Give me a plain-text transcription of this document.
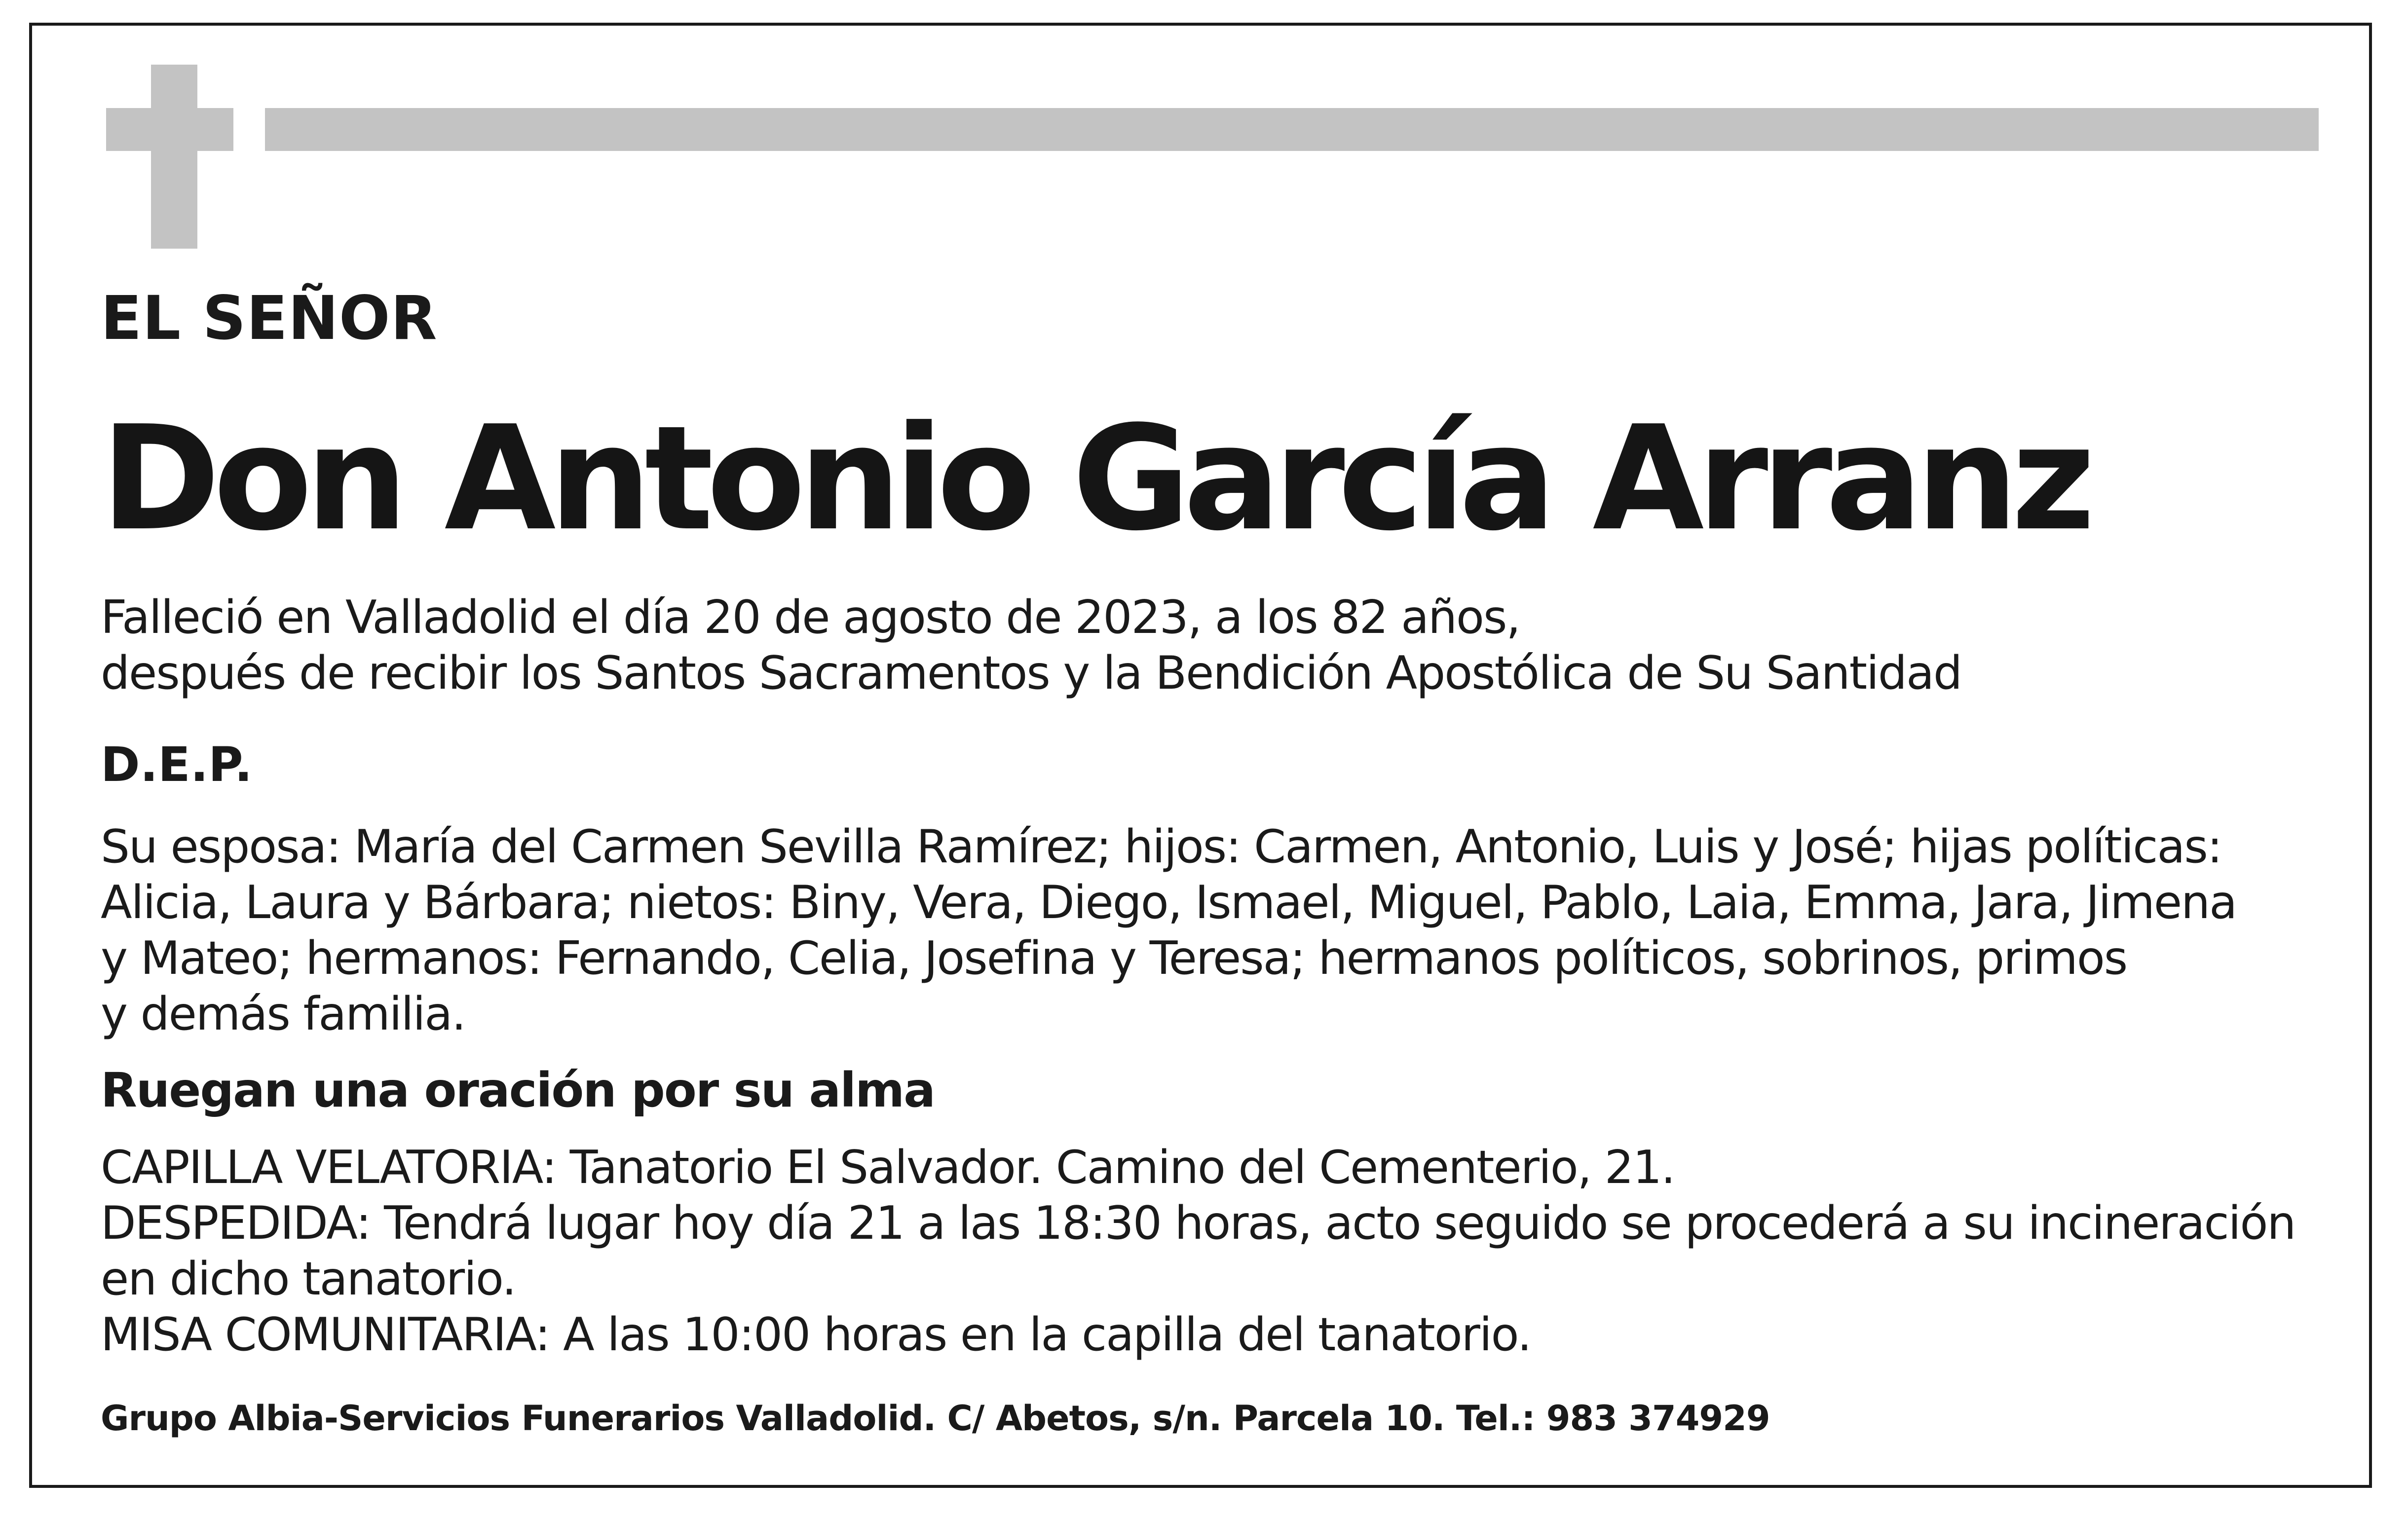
EL SEÑOR
Don Antonio García Arranz
Falleció en Valladolid el día 20 de agosto de 2023, a los 82 años,
después de recibir los Santos Sacramentos y la Bendición Apostólica de Su Santidad
D.E.P.
Su esposa: María del Carmen Sevilla Ramírez; hijos: Carmen, Antonio, Luis y José; hijas políticas:
Alicia, Laura y Bárbara; nietos: Biny, Vera, Diego, Ismael, Miguel, Pablo, Laia, Emma, Jara, Jimena
y Mateo; hermanos: Fernando, Celia, Josefina y Teresa; hermanos políticos, sobrinos, primos
y demás familia.
Ruegan una oración por su alma
CAPILLA VELATORIA: Tanatorio El Salvador. Camino del Cementerio, 21.
DESPEDIDA: Tendrá lugar hoy día 21 a las 18:30 horas, acto seguido se procederá a su incineración
en dicho tanatorio.
MISA COMUNITARIA: A las 10:00 horas en la capilla del tanatorio.
Grupo Albia-Servicios Funerarios Valladolid. C/ Abetos, s/n. Parcela 10. Tel.: 983 374929
